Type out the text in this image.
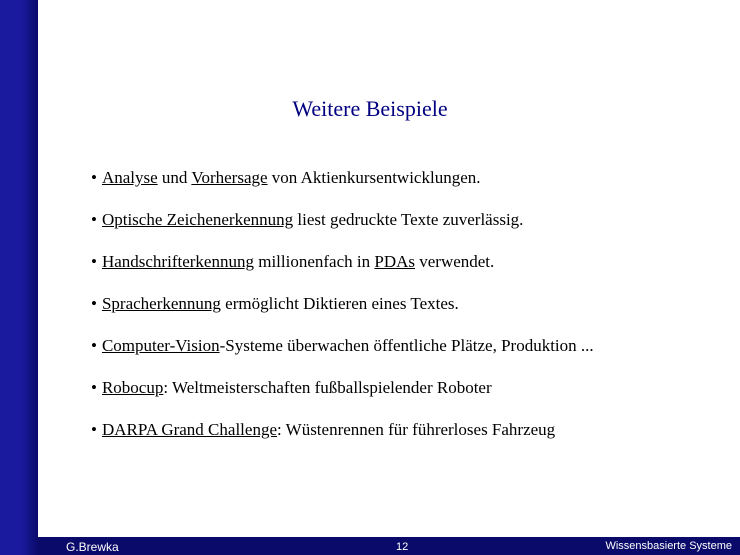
Weitere Beispiele
• Analyse und Vorhersage von Aktienkursentwicklungen.
• Optische Zeichenerkennung liest gedruckte Texte zuverlässig.
• Handschrifterkennung millionenfach in PDAs verwendet.
• Spracherkennung ermöglicht Diktieren eines Textes.
• Computer-Vision-Systeme überwachen öffentliche Plätze, Produktion ...
• Robocup: Weltmeisterschaften fußballspielender Roboter
• DARPA Grand Challenge: Wüstenrennen für führerloses Fahrzeug
G.Brewka	12	Wissensbasierte Systeme
